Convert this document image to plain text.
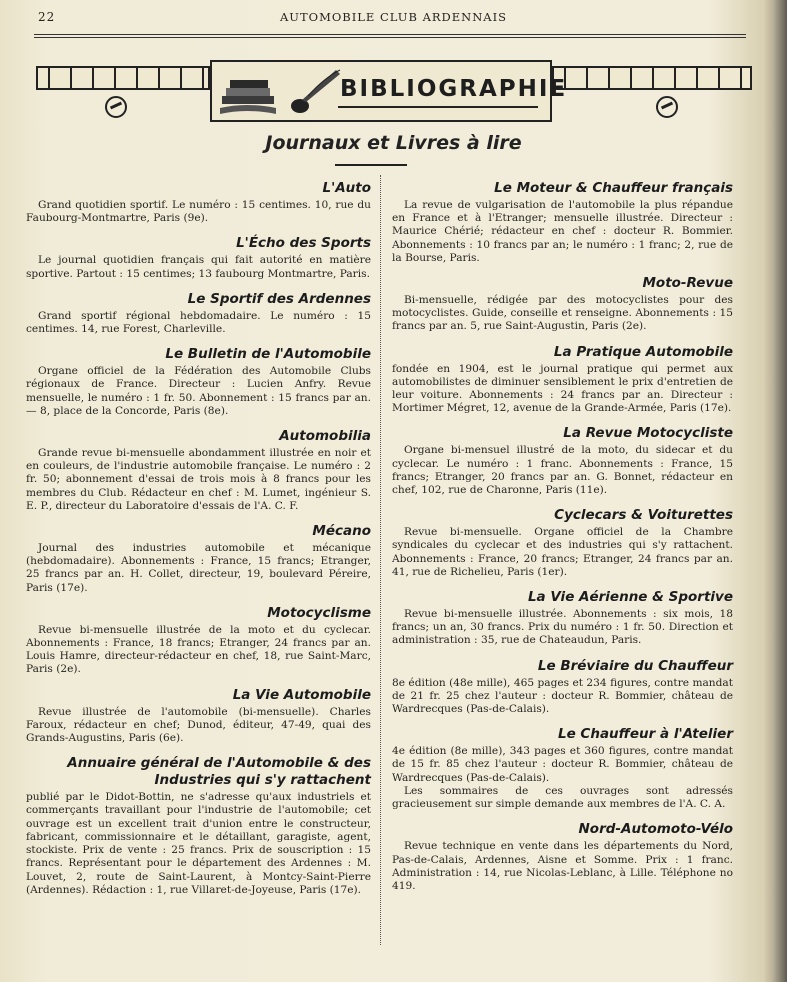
22	AUTOMOBILE CLUB ARDENNAIS
BIBLIOGRAPHIE
Journaux et Livres à lire
L'Auto
Grand quotidien sportif. Le numéro : 15 centimes. 10, rue du Faubourg-Montmartre, Paris (9e).
L'Écho des Sports
Le journal quotidien français qui fait autorité en matière sportive. Partout : 15 centimes; 13 faubourg Montmartre, Paris.
Le Sportif des Ardennes
Grand sportif régional hebdomadaire. Le numéro : 15 centimes. 14, rue Forest, Charleville.
Le Bulletin de l'Automobile
Organe officiel de la Fédération des Automobile Clubs régionaux de France. Directeur : Lucien Anfry. Revue mensuelle, le numéro : 1 fr. 50. Abonnement : 15 francs par an. — 8, place de la Concorde, Paris (8e).
Automobilia
Grande revue bi-mensuelle abondamment illustrée en noir et en couleurs, de l'industrie automobile française. Le numéro : 2 fr. 50; abonnement d'essai de trois mois à 8 francs pour les membres du Club. Rédacteur en chef : M. Lumet, ingénieur S. E. P., directeur du Laboratoire d'essais de l'A. C. F.
Mécano
Journal des industries automobile et mécanique (hebdomadaire). Abonnements : France, 15 francs; Etranger, 25 francs par an. H. Collet, directeur, 19, boulevard Péreire, Paris (17e).
Motocyclisme
Revue bi-mensuelle illustrée de la moto et du cyclecar. Abonnements : France, 18 francs; Etranger, 24 francs par an. Louis Hamre, directeur-rédacteur en chef, 18, rue Saint-Marc, Paris (2e).
La Vie Automobile
Revue illustrée de l'automobile (bi-mensuelle). Charles Faroux, rédacteur en chef; Dunod, éditeur, 47-49, quai des Grands-Augustins, Paris (6e).
Annuaire général de l'Automobile & des Industries qui s'y rattachent
publié par le Didot-Bottin, ne s'adresse qu'aux industriels et commerçants travaillant pour l'industrie de l'automobile; cet ouvrage est un excellent trait d'union entre le constructeur, fabricant, commissionnaire et le détaillant, garagiste, agent, stockiste. Prix de vente : 25 francs. Prix de souscription : 15 francs. Représentant pour le département des Ardennes : M. Louvet, 2, route de Saint-Laurent, à Montcy-Saint-Pierre (Ardennes). Rédaction : 1, rue Villaret-de-Joyeuse, Paris (17e).
Le Moteur & Chauffeur français
La revue de vulgarisation de l'automobile la plus répandue en France et à l'Etranger; mensuelle illustrée. Directeur : Maurice Chérié; rédacteur en chef : docteur R. Bommier. Abonnements : 10 francs par an; le numéro : 1 franc; 2, rue de la Bourse, Paris.
Moto-Revue
Bi-mensuelle, rédigée par des motocyclistes pour des motocyclistes. Guide, conseille et renseigne. Abonnements : 15 francs par an. 5, rue Saint-Augustin, Paris (2e).
La Pratique Automobile
fondée en 1904, est le journal pratique qui permet aux automobilistes de diminuer sensiblement le prix d'entretien de leur voiture. Abonnements : 24 francs par an. Directeur : Mortimer Mégret, 12, avenue de la Grande-Armée, Paris (17e).
La Revue Motocycliste
Organe bi-mensuel illustré de la moto, du sidecar et du cyclecar. Le numéro : 1 franc. Abonnements : France, 15 francs; Etranger, 20 francs par an. G. Bonnet, rédacteur en chef, 102, rue de Charonne, Paris (11e).
Cyclecars & Voiturettes
Revue bi-mensuelle. Organe officiel de la Chambre syndicales du cyclecar et des industries qui s'y rattachent. Abonnements : France, 20 francs; Etranger, 24 francs par an. 41, rue de Richelieu, Paris (1er).
La Vie Aérienne & Sportive
Revue bi-mensuelle illustrée. Abonnements : six mois, 18 francs; un an, 30 francs. Prix du numéro : 1 fr. 50. Direction et administration : 35, rue de Chateaudun, Paris.
Le Bréviaire du Chauffeur
8e édition (48e mille), 465 pages et 234 figures, contre mandat de 21 fr. 25 chez l'auteur : docteur R. Bommier, château de Wardrecques (Pas-de-Calais).
Le Chauffeur à l'Atelier
4e édition (8e mille), 343 pages et 360 figures, contre mandat de 15 fr. 85 chez l'auteur : docteur R. Bommier, château de Wardrecques (Pas-de-Calais).
Les sommaires de ces ouvrages sont adressés gracieusement sur simple demande aux membres de l'A. C. A.
Nord-Automoto-Vélo
Revue technique en vente dans les départements du Nord, Pas-de-Calais, Ardennes, Aisne et Somme. Prix : 1 franc. Administration : 14, rue Nicolas-Leblanc, à Lille. Téléphone no 419.
